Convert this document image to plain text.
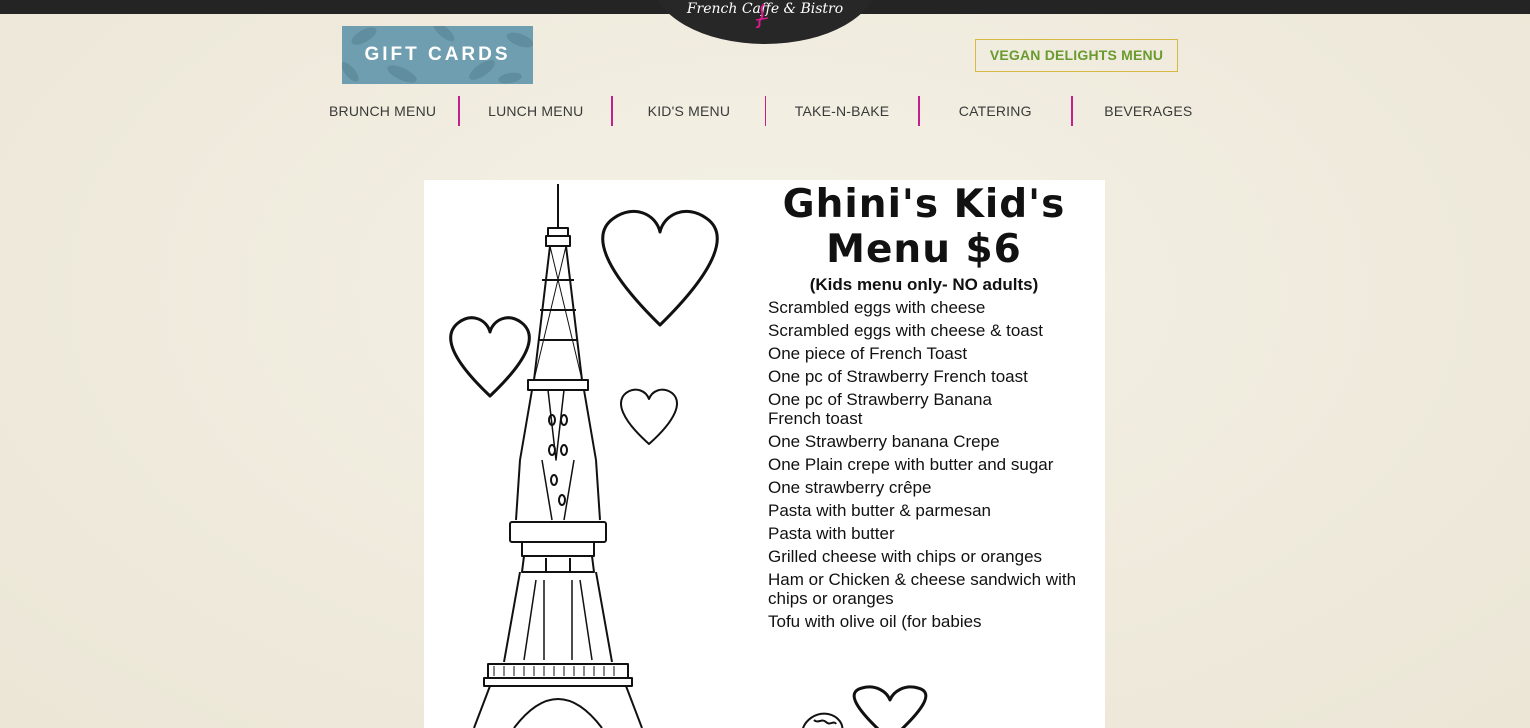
French Caffe & Bistro
GIFT CARDS	VEGAN DELIGHTS MENU
BRUNCH MENU	LUNCH MENU	KID'S MENU	TAKE-N-BAKE	CATERING	BEVERAGES
Ghini's Kid's
Menu $6
(Kids menu only- NO adults)
Scrambled eggs with cheese
Scrambled eggs with cheese & toast
One piece of French Toast
One pc of Strawberry French toast
One pc of Strawberry Banana French toast
One Strawberry banana Crepe
One Plain crepe with butter and sugar
One strawberry crêpe
Pasta with butter & parmesan
Pasta with butter
Grilled cheese with chips or oranges
Ham or Chicken & cheese sandwich with chips or oranges
Tofu with olive oil (for babies
